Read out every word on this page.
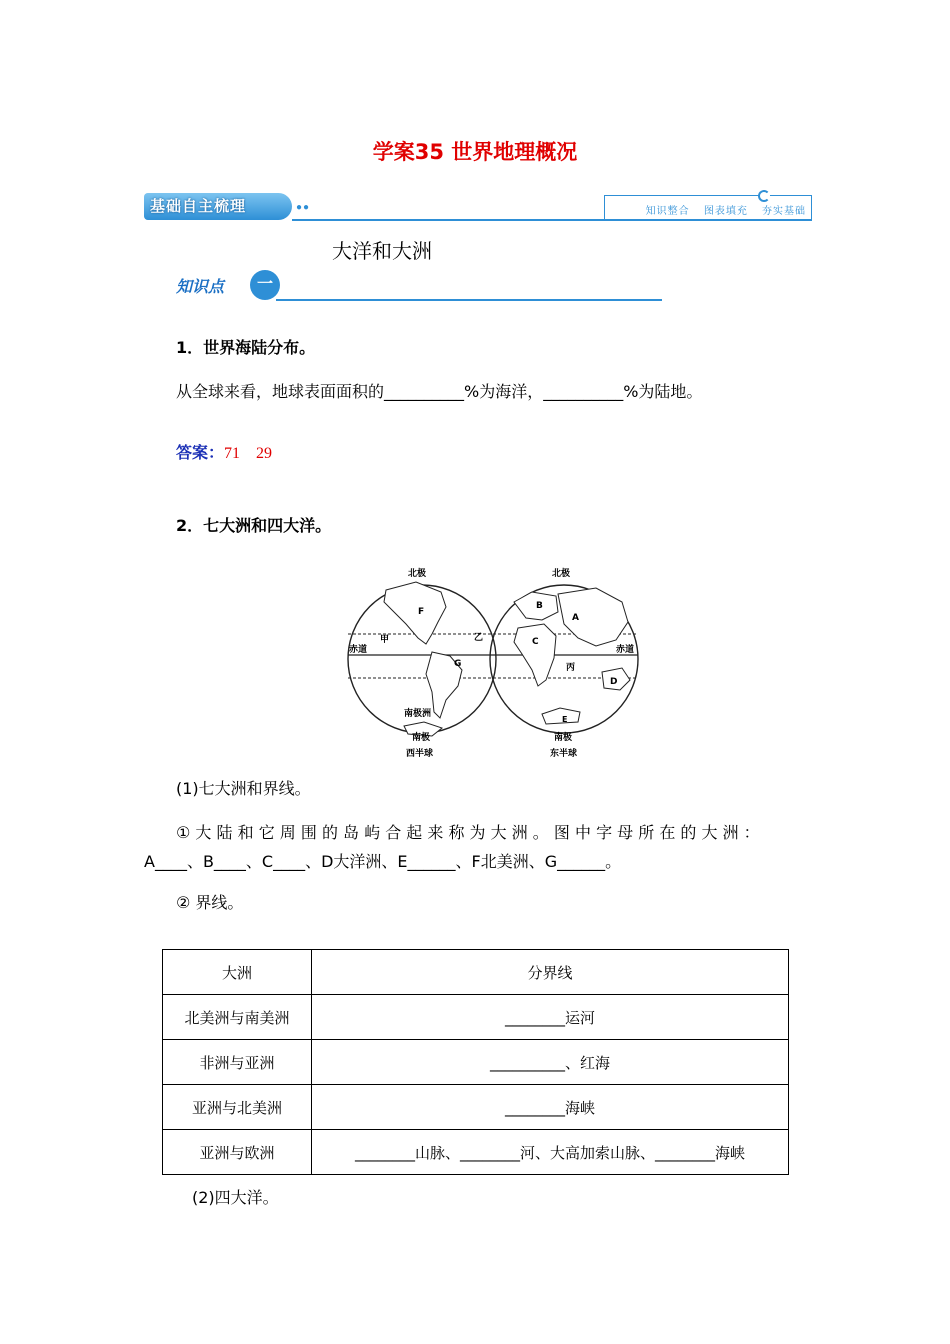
学案35 世界地理概况
基础自主梳理	●●	知识整合 图表填充 夯实基础
大洋和大洲
知识点	一
1．世界海陆分布。
从全球来看，地球表面面积的__________%为海洋，__________%为陆地。
答案：71    29
2．七大洲和四大洋。
北极	北极
赤道	赤道
甲	乙
丙
F
G
A
B
C
D
E
南极洲
南极	南极
西半球	东半球
(1)七大洲和界线。
① 大 陆 和 它 周 围 的 岛 屿 合 起 来 称 为 大 洲 。 图 中 字 母 所 在 的 大 洲 ：
A____、B____、C____、D大洋洲、E______、F北美洲、G______。
② 界线。
大洲	分界线
北美洲与南美洲	________运河
非洲与亚洲	__________、红海
亚洲与北美洲	________海峡
亚洲与欧洲	________山脉、________河、大高加索山脉、________海峡
(2)四大洋。
